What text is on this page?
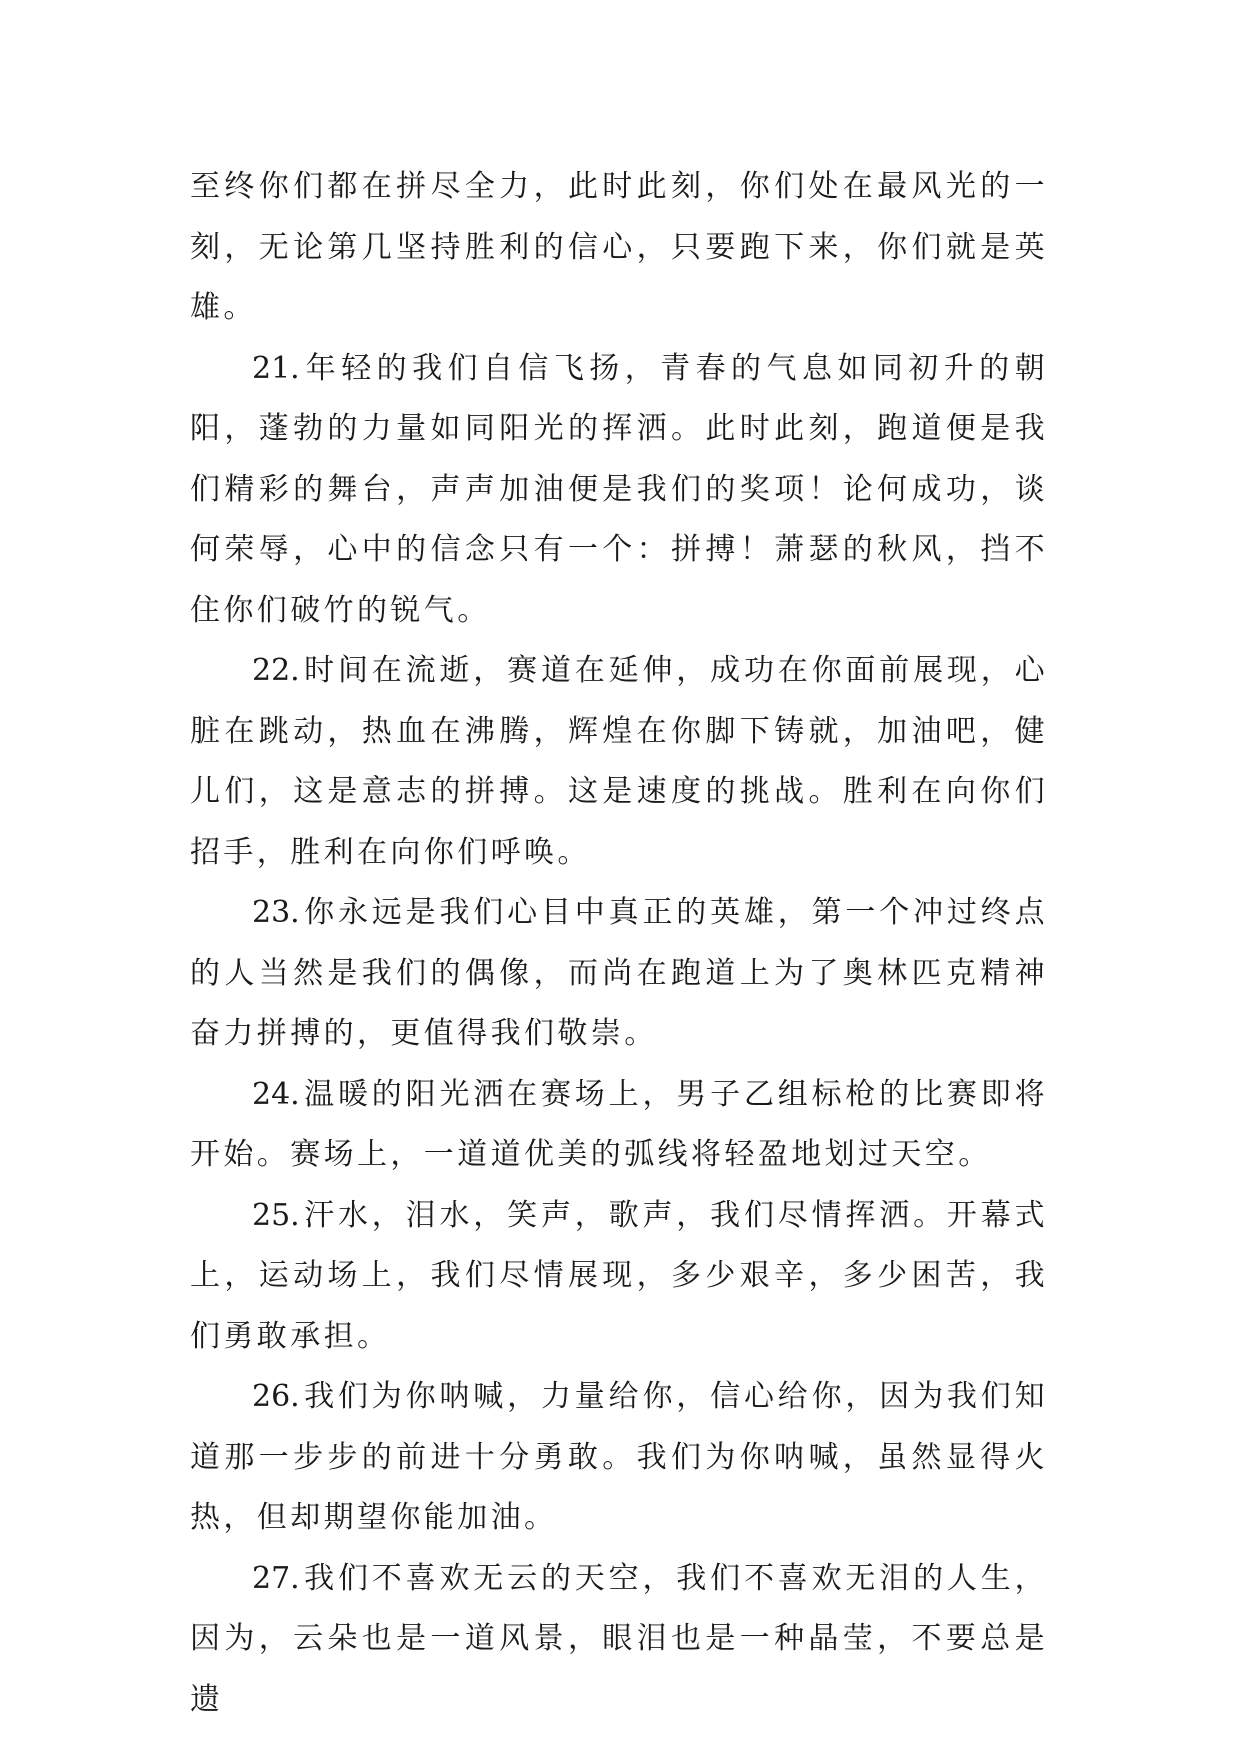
至终你们都在拼尽全力，此时此刻，你们处在最风光的一刻，无论第几坚持胜利的信心，只要跑下来，你们就是英雄。

21. 年轻的我们自信飞扬，青春的气息如同初升的朝阳，蓬勃的力量如同阳光的挥洒。此时此刻，跑道便是我们精彩的舞台，声声加油便是我们的奖项！论何成功，谈何荣辱，心中的信念只有一个：拼搏！萧瑟的秋风，挡不住你们破竹的锐气。

22. 时间在流逝，赛道在延伸，成功在你面前展现，心脏在跳动，热血在沸腾，辉煌在你脚下铸就，加油吧，健儿们，这是意志的拼搏。这是速度的挑战。胜利在向你们招手，胜利在向你们呼唤。

23. 你永远是我们心目中真正的英雄，第一个冲过终点的人当然是我们的偶像，而尚在跑道上为了奥林匹克精神奋力拼搏的，更值得我们敬崇。

24. 温暖的阳光洒在赛场上，男子乙组标枪的比赛即将开始。赛场上，一道道优美的弧线将轻盈地划过天空。

25. 汗水，泪水，笑声，歌声，我们尽情挥洒。开幕式上，运动场上，我们尽情展现，多少艰辛，多少困苦，我们勇敢承担。

26. 我们为你呐喊，力量给你，信心给你，因为我们知道那一步步的前进十分勇敢。我们为你呐喊，虽然显得火热，但却期望你能加油。

27. 我们不喜欢无云的天空，我们不喜欢无泪的人生，因为，云朵也是一道风景，眼泪也是一种晶莹，不要总是遗
